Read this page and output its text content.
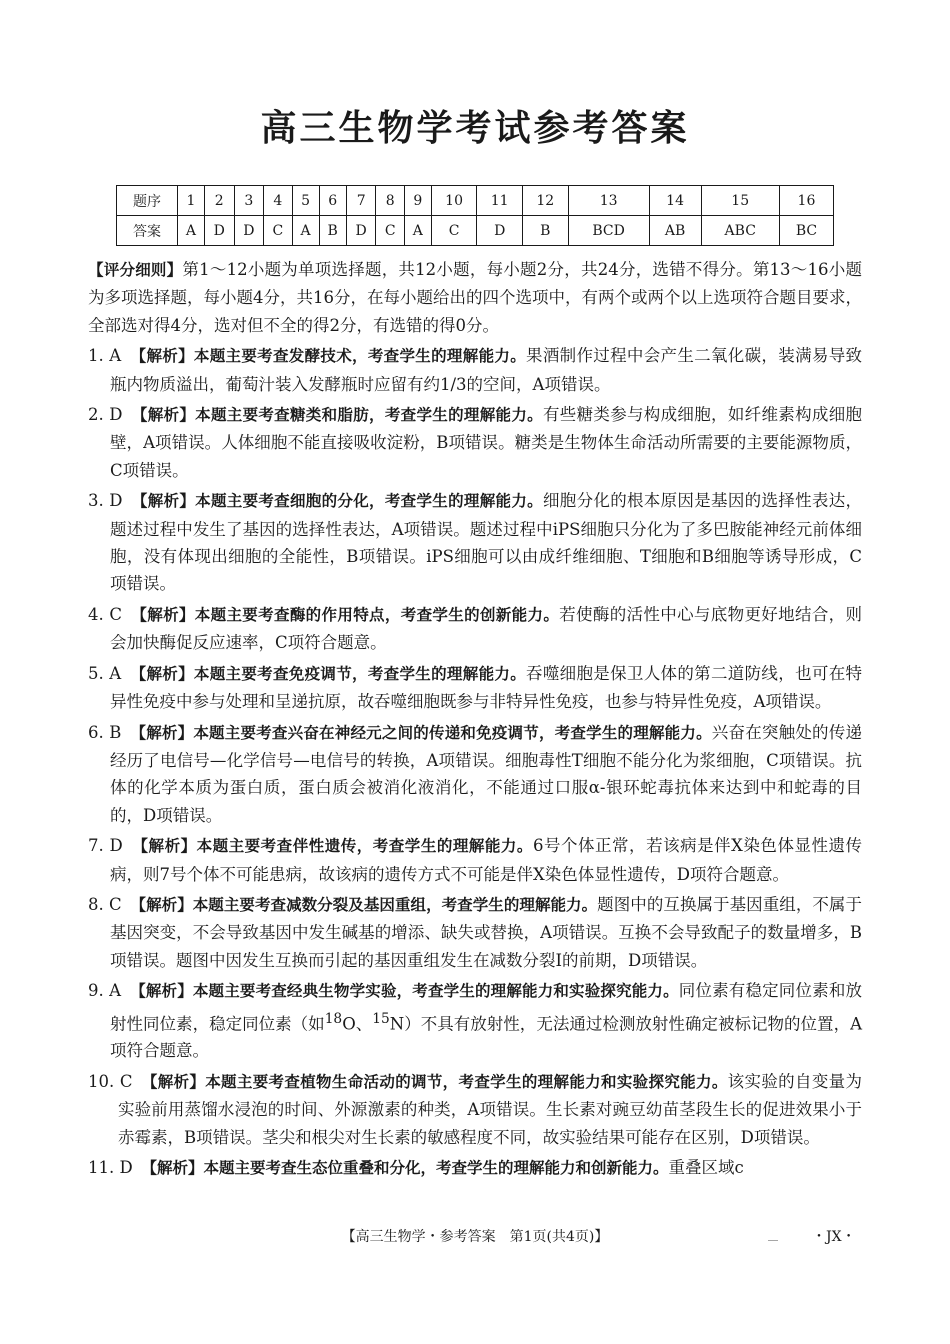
高三生物学考试参考答案
题序	1	2	3	4	5	6	7	8	9	10	11	12	13	14	15	16
答案	A	D	D	C	A	B	D	C	A	C	D	B	BCD	AB	ABC	BC

【评分细则】第1～12小题为单项选择题，共12小题，每小题2分，共24分，选错不得分。第13～16小题为多项选择题，每小题4分，共16分，在每小题给出的四个选项中，有两个或两个以上选项符合题目要求，全部选对得4分，选对但不全的得2分，有选错的得0分。

1. A　 【解析】本题主要考查发酵技术，考查学生的理解能力。果酒制作过程中会产生二氧化碳，装满易导致瓶内物质溢出，葡萄汁装入发酵瓶时应留有约1/3的空间，A项错误。

2. D　 【解析】本题主要考查糖类和脂肪，考查学生的理解能力。有些糖类参与构成细胞，如纤维素构成细胞壁，A项错误。人体细胞不能直接吸收淀粉，B项错误。糖类是生物体生命活动所需要的主要能源物质，C项错误。

3. D　 【解析】本题主要考查细胞的分化，考查学生的理解能力。细胞分化的根本原因是基因的选择性表达，题述过程中发生了基因的选择性表达，A项错误。题述过程中iPS细胞只分化为了多巴胺能神经元前体细胞，没有体现出细胞的全能性，B项错误。iPS细胞可以由成纤维细胞、T细胞和B细胞等诱导形成，C项错误。

4. C　 【解析】本题主要考查酶的作用特点，考查学生的创新能力。若使酶的活性中心与底物更好地结合，则会加快酶促反应速率，C项符合题意。

5. A　 【解析】本题主要考查免疫调节，考查学生的理解能力。吞噬细胞是保卫人体的第二道防线，也可在特异性免疫中参与处理和呈递抗原，故吞噬细胞既参与非特异性免疫，也参与特异性免疫，A项错误。

6. B　 【解析】本题主要考查兴奋在神经元之间的传递和免疫调节，考查学生的理解能力。兴奋在突触处的传递经历了电信号—化学信号—电信号的转换，A项错误。细胞毒性T细胞不能分化为浆细胞，C项错误。抗体的化学本质为蛋白质，蛋白质会被消化液消化，不能通过口服α-银环蛇毒抗体来达到中和蛇毒的目的，D项错误。

7. D　 【解析】本题主要考查伴性遗传，考查学生的理解能力。6号个体正常，若该病是伴X染色体显性遗传病，则7号个体不可能患病，故该病的遗传方式不可能是伴X染色体显性遗传，D项符合题意。

8. C　 【解析】本题主要考查减数分裂及基因重组，考查学生的理解能力。题图中的互换属于基因重组，不属于基因突变，不会导致基因中发生碱基的增添、缺失或替换，A项错误。互换不会导致配子的数量增多，B项错误。题图中因发生互换而引起的基因重组发生在减数分裂Ⅰ的前期，D项错误。

9. A　 【解析】本题主要考查经典生物学实验，考查学生的理解能力和实验探究能力。同位素有稳定同位素和放射性同位素，稳定同位素（如$^{18}$O、$^{15}$N）不具有放射性，无法通过检测放射性确定被标记物的位置，A项符合题意。

10. C　 【解析】本题主要考查植物生命活动的调节，考查学生的理解能力和实验探究能力。该实验的自变量为实验前用蒸馏水浸泡的时间、外源激素的种类，A项错误。生长素对豌豆幼苗茎段生长的促进效果小于赤霉素，B项错误。茎尖和根尖对生长素的敏感程度不同，故实验结果可能存在区别，D项错误。

11. D　 【解析】本题主要考查生态位重叠和分化，考查学生的理解能力和创新能力。重叠区域c

【高三生物学・参考答案　第1页(共4页)】	__ ・JX・
